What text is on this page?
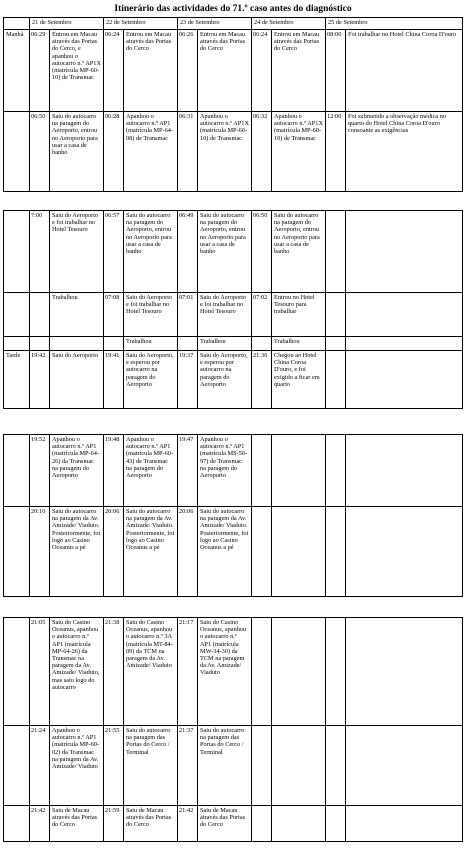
Itinerário das actividades do 71.º caso antes do diagnóstico
	21 de Setembro		22 de Setembro		23 de Setembro		24 de Setembro		25 de Setembro	
Manhã	06:29	Entrou em Macau através das Portas do Cerco, e apanhou o autocarro n.º AP1X (matrícula MP-60-10) de Transmac	06:24	Entrou em Macau através das Portas do Cerco	06:26	Entrou em Macau através das Portas do Cerco	06:24	Entrou em Macau através das Portas do Cerco	08:00	Foi trabalhar no Hotel China Coroa D'ouro
	06:50	Saiu do autocarro na paragem do Aeroporto, entrou no Aeroporto para usar a casa de banho	06:28	Apanhou o autocarro n.º AP1 (matrícula MP-64-08) de Transmac	06:31	Apanhou o autocarro n.º AP1X (matrícula MP-60-10) de Transmac	06:32	Apanhou o autocarro n.º AP1X (matrícula MP-60-10) de Transmac	12:00	Foi submetido a observação médica no quarto do Hotel China Coroa D'ouro consoante as exigências
	7:00	Saiu do Aeroporto e foi trabalhar no Hotel Tesouro	06:57	Saiu do autocarro na paragem do Aeroporto, entrou no Aeroporto para usar a casa de banho	06:49	Saiu do autocarro na paragem do Aeroporto, entrou no Aeroporto para usar a casa de banho	06:50	Saiu do autocarro na paragem do Aeroporto, entrou no Aeroporto para usar a casa de banho		
		Trabalhou	07:08	Saiu do Aeroporto e foi trabalhar no Hotel Tesouro	07:01	Saiu do Aeroporto e foi trabalhar no Hotel Tesouro	07:02	Entrou no Hotel Tesouro para trabalhar		
				Trabalhou		Trabalhou		Trabalhou		
Tarde	19:42	Saiu do Aeroporto	19:41	Saiu do Aeroporto, e esperou por autocarro na paragem do Aeroporto	19:37	Saiu do Aeroporto, e esperou por autocarro na paragem do Aeroporto	21:30	Chegou ao Hotel China Coroa D'ouro, e foi exigido a ficar em quarto		
	19:52	Apanhou o autocarro n.º AP1 (matrícula MP-64-26) da Transmac na paragem do Aeroporto	19:48	Apanhou o autocarro n.º AP1 (matrícula MP-60-43) de Transmac na paragem do Aeroporto	19:47	Apanhou o autocarro n.º AP1 (matrícula MS-50-97) de Transmac na paragem do Aeroporto				
	20:10	Saiu do autocarro na paragem da Av. Amizade/ Viaduto. Posteriormente, foi logo ao Casino Oceanus a pé	20:06	Saiu do autocarro na paragem da Av. Amizade/ Viaduto. Posteriormente, foi logo ao Casino Oceanus a pé	20:06	Saiu do autocarro na paragem da Av. Amizade/ Viaduto. Posteriormente, foi logo ao Casino Oceanus a pé				
	21:05	Saiu do Casino Oceanus, apanhou o autocarro n.º AP1 (matrícula MP-64-26) da Transmac na paragem da Av. Amizade/ Viaduto, mas saiu logo do autocarro	21:38	Saiu do Casino Oceanus, apanhou o autocarro n.º 3A (matrícula MT-84-09) da TCM na paragem da Av. Amizade/ Viaduto	21:17	Saiu do Casino Oceanus, apanhou o autocarro n.º AP1 (matrícula MW-34-30) da TCM na paragem da Av. Amizade/ Viaduto				
	21:24	Apanhou o autocarro n.º AP1 (matrícula MP-60-02) da Transmac na paragem da Av. Amizade/ Viaduto	21:55	Saiu do autocarro na paragem das Portas do Cerco / Terminal	21:37	Saiu do autocarro na paragem das Portas do Cerco / Terminal				
	21:42	Saiu de Macau através das Portas do Cerco	21:59	Saiu de Macau através das Portas do Cerco	21:42	Saiu de Macau através das Portas do Cerco				
